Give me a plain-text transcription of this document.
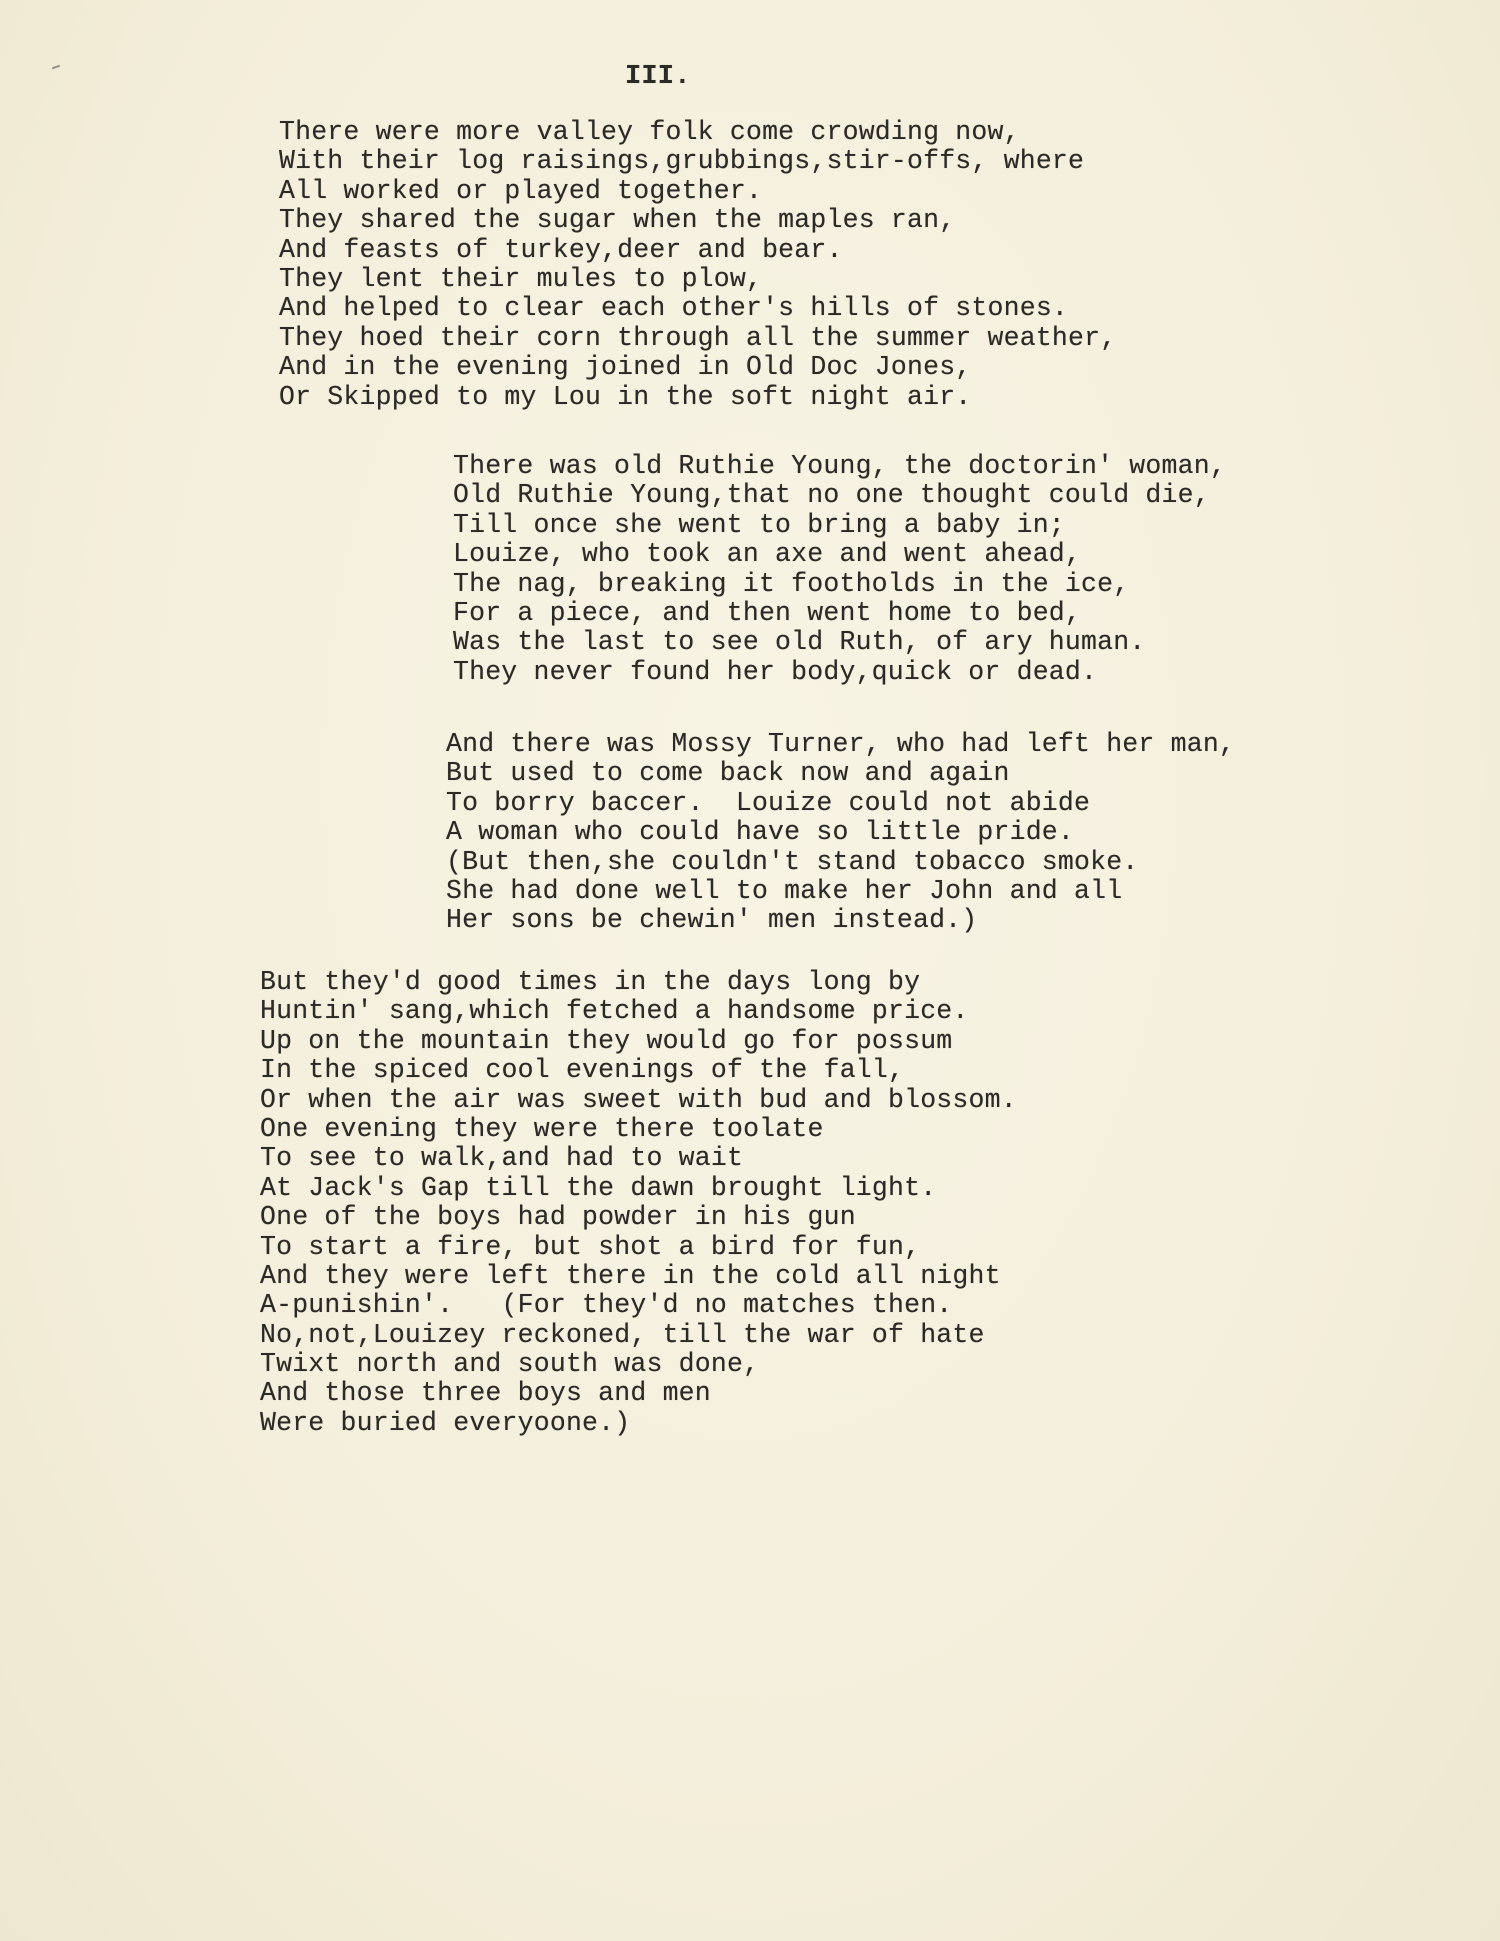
III.
There were more valley folk come crowding now,
With their log raisings,grubbings,stir-offs, where
All worked or played together.
They shared the sugar when the maples ran,
And feasts of turkey,deer and bear.
They lent their mules to plow,
And helped to clear each other's hills of stones.
They hoed their corn through all the summer weather,
And in the evening joined in Old Doc Jones,
Or Skipped to my Lou in the soft night air.
There was old Ruthie Young, the doctorin' woman,
Old Ruthie Young,that no one thought could die,
Till once she went to bring a baby in;
Louize, who took an axe and went ahead,
The nag, breaking it footholds in the ice,
For a piece, and then went home to bed,
Was the last to see old Ruth, of ary human.
They never found her body,quick or dead.
And there was Mossy Turner, who had left her man,
But used to come back now and again
To borry baccer.  Louize could not abide
A woman who could have so little pride.
(But then,she couldn't stand tobacco smoke.
She had done well to make her John and all
Her sons be chewin' men instead.)
But they'd good times in the days long by
Huntin' sang,which fetched a handsome price.
Up on the mountain they would go for possum
In the spiced cool evenings of the fall,
Or when the air was sweet with bud and blossom.
One evening they were there toolate
To see to walk,and had to wait
At Jack's Gap till the dawn brought light.
One of the boys had powder in his gun
To start a fire, but shot a bird for fun,
And they were left there in the cold all night
A-punishin'.   (For they'd no matches then.
No,not,Louizey reckoned, till the war of hate
Twixt north and south was done,
And those three boys and men
Were buried everyoone.)
